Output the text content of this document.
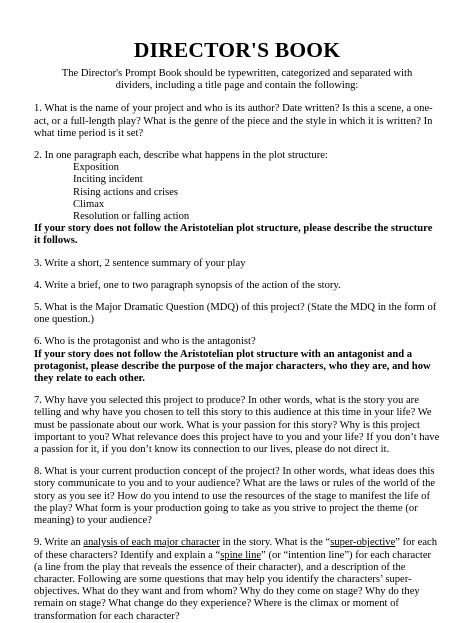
DIRECTOR'S BOOK

The Director's Prompt Book should be typewritten, categorized and separated with dividers, including a title page and contain the following:

1. What is the name of your project and who is its author? Date written? Is this a scene, a one-act, or a full-length play? What is the genre of the piece and the style in which it is written? In what time period is it set?

2. In one paragraph each, describe what happens in the plot structure:

Exposition
Inciting incident
Rising actions and crises
Climax
Resolution or falling action

If your story does not follow the Aristotelian plot structure, please describe the structure it follows.

3. Write a short, 2 sentence summary of your play

4. Write a brief, one to two paragraph synopsis of the action of the story.

5. What is the Major Dramatic Question (MDQ) of this project? (State the MDQ in the form of one question.)

6. Who is the protagonist and who is the antagonist?

If your story does not follow the Aristotelian plot structure with an antagonist and a protagonist, please describe the purpose of the major characters, who they are, and how they relate to each other.

7. Why have you selected this project to produce? In other words, what is the story you are telling and why have you chosen to tell this story to this audience at this time in your life? We must be passionate about our work. What is your passion for this story? Why is this project important to you? What relevance does this project have to you and your life? If you don’t have a passion for it, if you don’t know its connection to our lives, please do not direct it.

8. What is your current production concept of the project? In other words, what ideas does this story communicate to you and to your audience? What are the laws or rules of the world of the story as you see it? How do you intend to use the resources of the stage to manifest the life of the play? What form is your production going to take as you strive to project the theme (or meaning) to your audience?

9. Write an analysis of each major character in the story. What is the “super-objective” for each of these characters? Identify and explain a “spine line” (or “intention line”) for each character (a line from the play that reveals the essence of their character), and a description of the character. Following are some questions that may help you identify the characters’ super-objectives. What do they want and from whom? Why do they come on stage? Why do they remain on stage? What change do they experience? Where is the climax or moment of transformation for each character?
